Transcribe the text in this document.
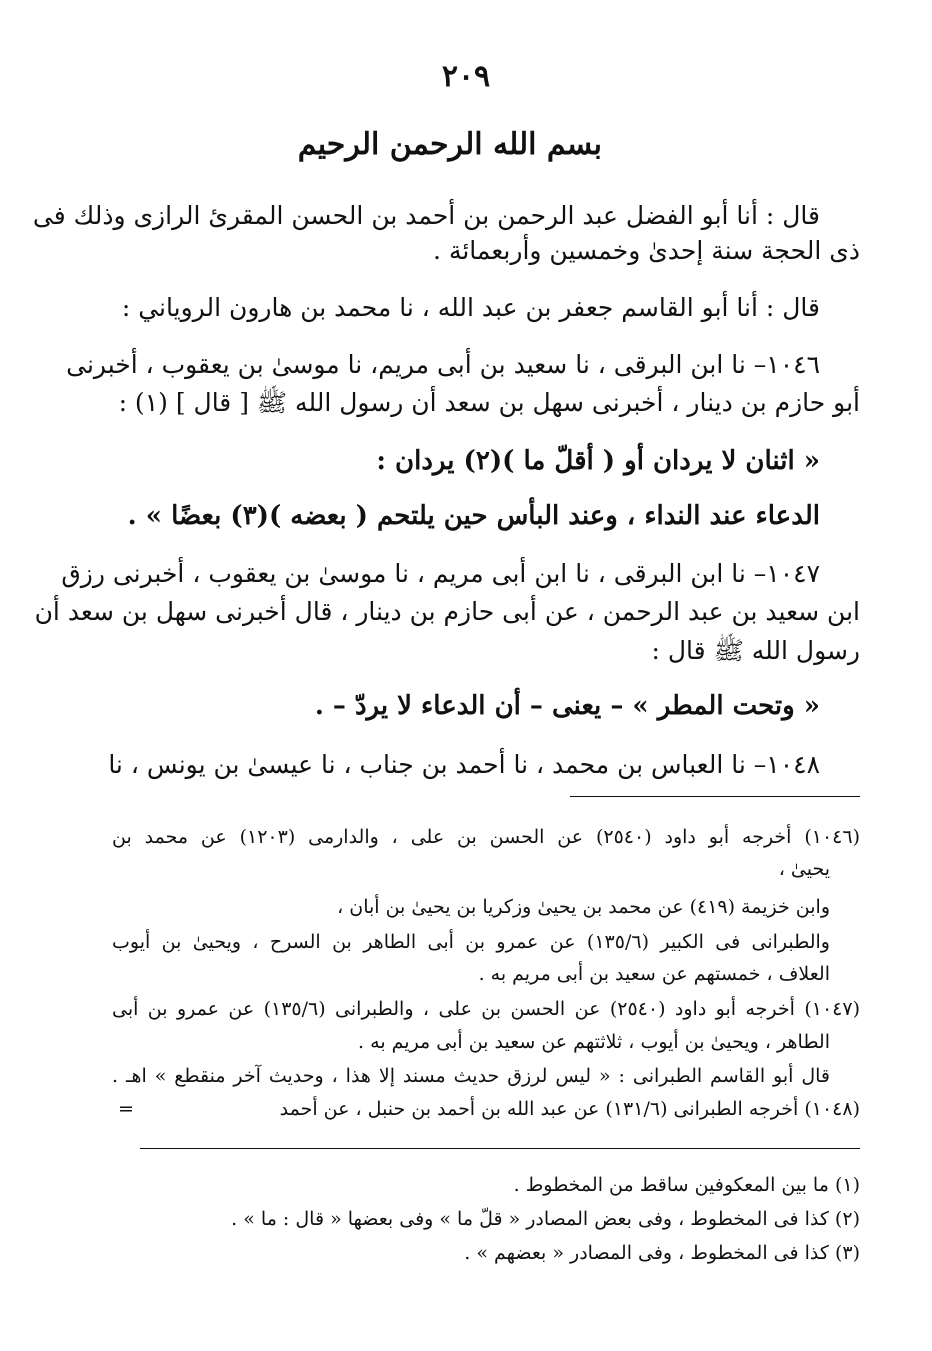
٢٠٩
بسم الله الرحمن الرحيم
قال : أنا أبو الفضل عبد الرحمن بن أحمد بن الحسن المقرئ الرازى وذلك فى
ذى الحجة سنة إحدىٰ وخمسين وأربعمائة .
قال : أنا أبو القاسم جعفر بن عبد الله ، نا محمد بن هارون الروياني :
١٠٤٦– نا ابن البرقى ، نا سعيد بن أبى مريم، نا موسىٰ بن يعقوب ، أخبرنى
أبو حازم بن دينار ، أخبرنى سهل بن سعد أن رسول الله ﷺ [ قال ] (١) :
« اثنان لا يردان أو ( أقلّ ما )(٢) يردان :
الدعاء عند النداء ، وعند البأس حين يلتحم ( بعضه )(٣) بعضًا » .
١٠٤٧– نا ابن البرقى ، نا ابن أبى مريم ، نا موسىٰ بن يعقوب ، أخبرنى رزق
ابن سعيد بن عبد الرحمن ، عن أبى حازم بن دينار ، قال أخبرنى سهل بن سعد أن
رسول الله ﷺ قال :
« وتحت المطر » – يعنى – أن الدعاء لا يردّ – .
١٠٤٨– نا العباس بن محمد ، نا أحمد بن جناب ، نا عيسىٰ بن يونس ، نا
(١٠٤٦) أخرجه أبو داود (٢٥٤٠) عن الحسن بن على ، والدارمى (١٢٠٣) عن محمد بن
يحيىٰ ،
وابن خزيمة (٤١٩) عن محمد بن يحيىٰ وزكريا بن يحيىٰ بن أبان ،
والطبرانى فى الكبير (١٣٥/٦) عن عمرو بن أبى الطاهر بن السرح ، ويحيىٰ بن أيوب
العلاف ، خمستهم عن سعيد بن أبى مريم به .
(١٠٤٧) أخرجه أبو داود (٢٥٤٠) عن الحسن بن على ، والطبرانى (١٣٥/٦) عن عمرو بن أبى
الطاهر ، ويحيىٰ بن أيوب ، ثلاثتهم عن سعيد بن أبى مريم به .
قال أبو القاسم الطبرانى : « ليس لرزق حديث مسند إلا هذا ، وحديث آخر منقطع » اهـ .
(١٠٤٨) أخرجه الطبرانى (١٣١/٦) عن عبد الله بن أحمد بن حنبل ، عن أحمد
=
(١) ما بين المعكوفين ساقط من المخطوط .
(٢) كذا فى المخطوط ، وفى بعض المصادر « قلّ ما » وفى بعضها « قال : ما » .
(٣) كذا فى المخطوط ، وفى المصادر « بعضهم » .
